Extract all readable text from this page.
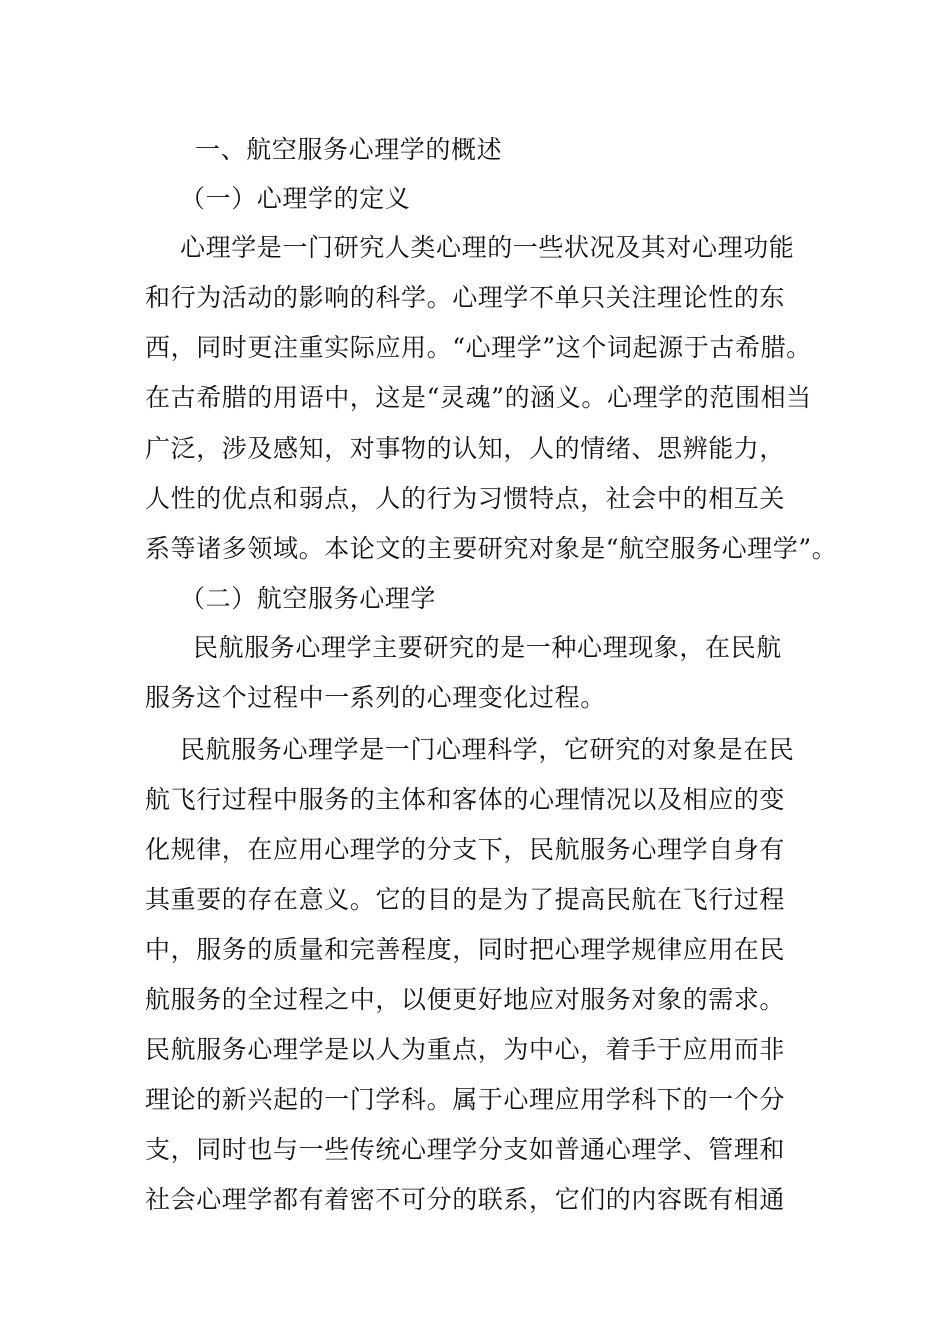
一、航空服务心理学的概述
（一）心理学的定义
心理学是一门研究人类心理的一些状况及其对心理功能
和行为活动的影响的科学。心理学不单只关注理论性的东
西，同时更注重实际应用。“心理学”这个词起源于古希腊。
在古希腊的用语中，这是“灵魂”的涵义。心理学的范围相当
广泛，涉及感知，对事物的认知，人的情绪、思辨能力，
人性的优点和弱点，人的行为习惯特点，社会中的相互关
系等诸多领域。本论文的主要研究对象是“航空服务心理学”。
（二）航空服务心理学
民航服务心理学主要研究的是一种心理现象，在民航
服务这个过程中一系列的心理变化过程。
民航服务心理学是一门心理科学，它研究的对象是在民
航飞行过程中服务的主体和客体的心理情况以及相应的变
化规律，在应用心理学的分支下，民航服务心理学自身有
其重要的存在意义。它的目的是为了提高民航在飞行过程
中，服务的质量和完善程度，同时把心理学规律应用在民
航服务的全过程之中，以便更好地应对服务对象的需求。
民航服务心理学是以人为重点，为中心，着手于应用而非
理论的新兴起的一门学科。属于心理应用学科下的一个分
支，同时也与一些传统心理学分支如普通心理学、管理和
社会心理学都有着密不可分的联系，它们的内容既有相通
